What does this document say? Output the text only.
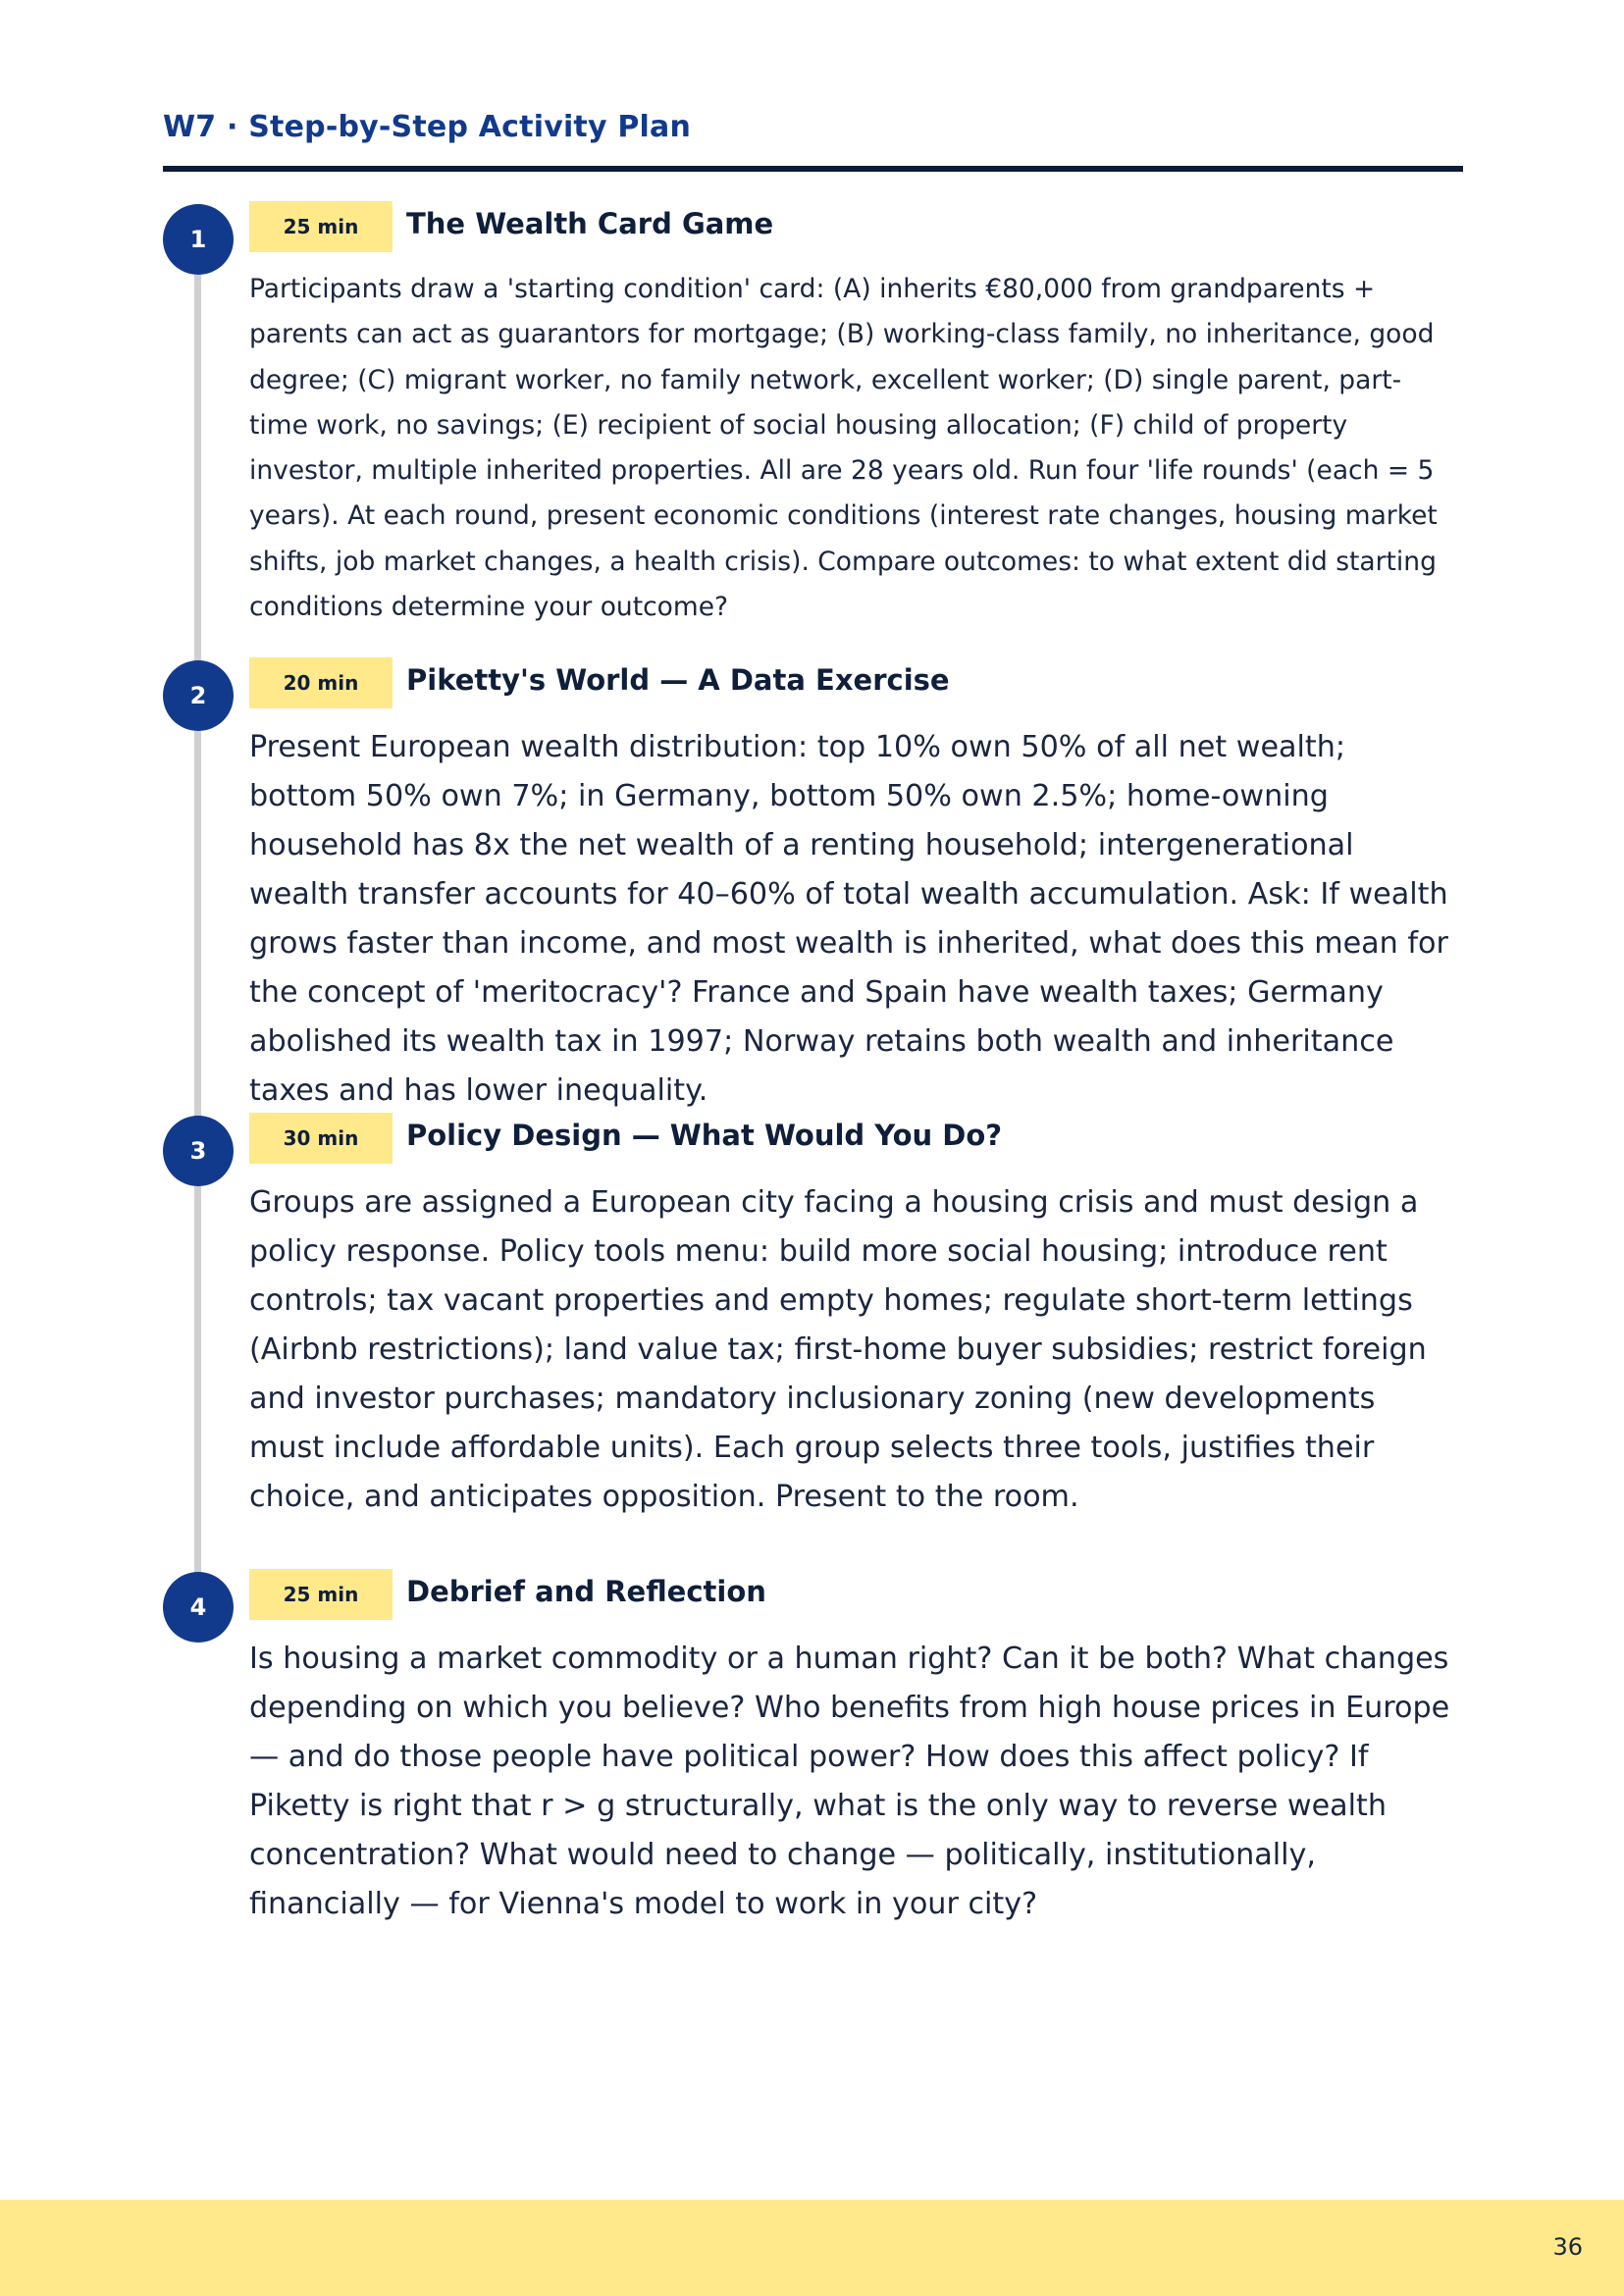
W7 · Step-by-Step Activity Plan
1	25 min	The Wealth Card Game

Participants draw a 'starting condition' card: (A) inherits €80,000 from grandparents + parents can act as guarantors for mortgage; (B) working-class family, no inheritance, good degree; (C) migrant worker, no family network, excellent worker; (D) single parent, part-time work, no savings; (E) recipient of social housing allocation; (F) child of property investor, multiple inherited properties. All are 28 years old. Run four 'life rounds' (each = 5 years). At each round, present economic conditions (interest rate changes, housing market shifts, job market changes, a health crisis). Compare outcomes: to what extent did starting conditions determine your outcome?

2	20 min	Piketty's World — A Data Exercise

Present European wealth distribution: top 10% own 50% of all net wealth; bottom 50% own 7%; in Germany, bottom 50% own 2.5%; home-owning household has 8x the net wealth of a renting household; intergenerational wealth transfer accounts for 40–60% of total wealth accumulation. Ask: If wealth grows faster than income, and most wealth is inherited, what does this mean for the concept of 'meritocracy'? France and Spain have wealth taxes; Germany abolished its wealth tax in 1997; Norway retains both wealth and inheritance taxes and has lower inequality.

3	30 min	Policy Design — What Would You Do?

Groups are assigned a European city facing a housing crisis and must design a policy response. Policy tools menu: build more social housing; introduce rent controls; tax vacant properties and empty homes; regulate short-term lettings (Airbnb restrictions); land value tax; first-home buyer subsidies; restrict foreign and investor purchases; mandatory inclusionary zoning (new developments must include affordable units). Each group selects three tools, justifies their choice, and anticipates opposition. Present to the room.

4	25 min	Debrief and Reflection

Is housing a market commodity or a human right? Can it be both? What changes depending on which you believe? Who benefits from high house prices in Europe — and do those people have political power? How does this affect policy? If Piketty is right that r > g structurally, what is the only way to reverse wealth concentration? What would need to change — politically, institutionally, financially — for Vienna's model to work in your city?

36
